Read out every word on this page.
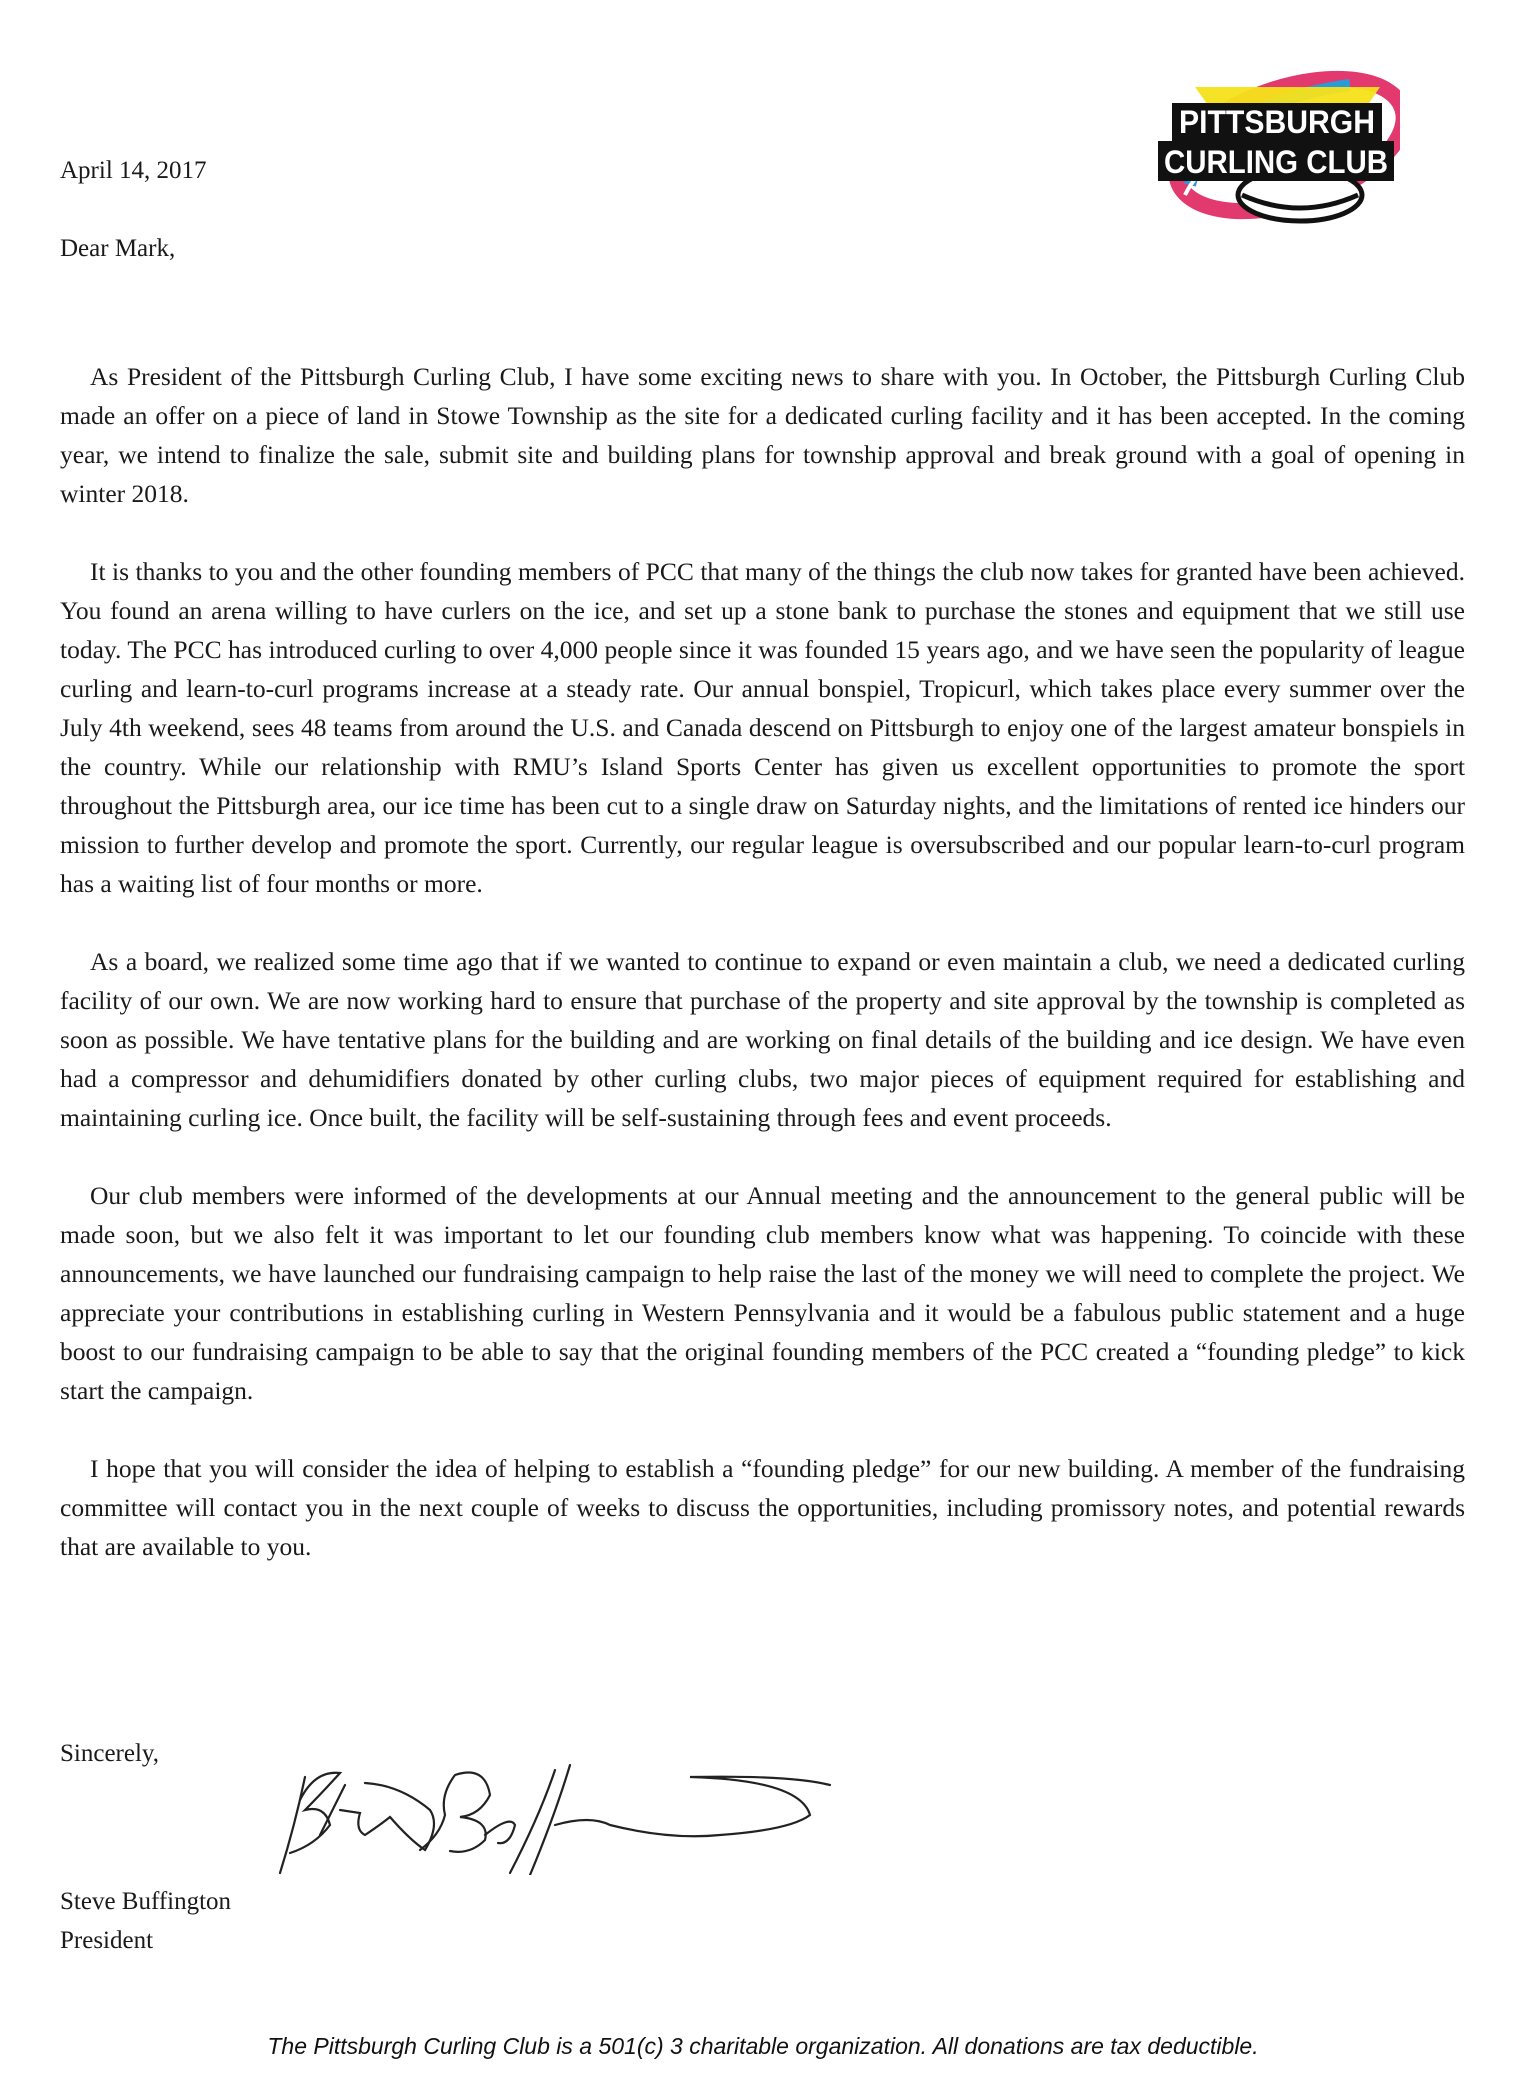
PITTSBURGH
CURLING CLUB
April 14, 2017
Dear Mark,

As President of the Pittsburgh Curling Club, I have some exciting news to share with you. In October, the Pittsburgh Curling Club made an offer on a piece of land in Stowe Township as the site for a dedicated curling facility and it has been accepted. In the coming year, we intend to finalize the sale, submit site and building plans for township approval and break ground with a goal of opening in winter 2018.

It is thanks to you and the other founding members of PCC that many of the things the club now takes for granted have been achieved. You found an arena willing to have curlers on the ice, and set up a stone bank to purchase the stones and equipment that we still use today. The PCC has introduced curling to over 4,000 people since it was founded 15 years ago, and we have seen the popularity of league curling and learn-to-curl programs increase at a steady rate. Our annual bonspiel, Tropicurl, which takes place every summer over the July 4th weekend, sees 48 teams from around the U.S. and Canada descend on Pittsburgh to enjoy one of the largest amateur bonspiels in the country. While our relationship with RMU’s Island Sports Center has given us excellent opportunities to promote the sport throughout the Pittsburgh area, our ice time has been cut to a single draw on Saturday nights, and the limitations of rented ice hinders our mission to further develop and promote the sport. Currently, our regular league is oversubscribed and our popular learn-to-curl program has a waiting list of four months or more.

As a board, we realized some time ago that if we wanted to continue to expand or even maintain a club, we need a dedicated curling facility of our own. We are now working hard to ensure that purchase of the property and site approval by the township is completed as soon as possible. We have tentative plans for the building and are working on final details of the building and ice design. We have even had a compressor and dehumidifiers donated by other curling clubs, two major pieces of equipment required for establishing and maintaining curling ice. Once built, the facility will be self-sustaining through fees and event proceeds.

Our club members were informed of the developments at our Annual meeting and the announcement to the general public will be made soon, but we also felt it was important to let our founding club members know what was happening. To coincide with these announcements, we have launched our fundraising campaign to help raise the last of the money we will need to complete the project. We appreciate your contributions in establishing curling in Western Pennsylvania and it would be a fabulous public statement and a huge boost to our fundraising campaign to be able to say that the original founding members of the PCC created a “founding pledge” to kick start the campaign.

I hope that you will consider the idea of helping to establish a “founding pledge” for our new building. A member of the fundraising committee will contact you in the next couple of weeks to discuss the opportunities, including promissory notes, and potential rewards that are available to you.

Sincerely,
Steve Buffington
President
The Pittsburgh Curling Club is a 501(c) 3 charitable organization. All donations are tax deductible.
